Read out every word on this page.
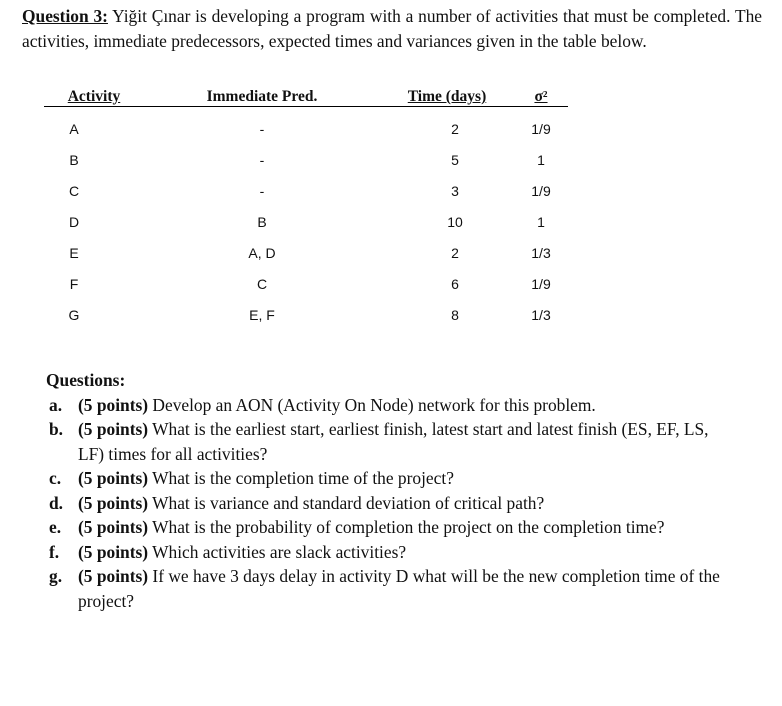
Question 3: Yiğit Çınar is developing a program with a number of activities that must be completed. The activities, immediate predecessors, expected times and variances given in the table below.
Activity	Immediate Pred.	Time (days)	σ²
A	-	2	1/9
B	-	5	1
C	-	3	1/9
D	B	10	1
E	A, D	2	1/3
F	C	6	1/9
G	E, F	8	1/3
Questions:
a. (5 points) Develop an AON (Activity On Node) network for this problem.
b. (5 points) What is the earliest start, earliest finish, latest start and latest finish (ES, EF, LS, LF) times for all activities?
c. (5 points) What is the completion time of the project?
d. (5 points) What is variance and standard deviation of critical path?
e. (5 points) What is the probability of completion the project on the completion time?
f. (5 points) Which activities are slack activities?
g. (5 points) If we have 3 days delay in activity D what will be the new completion time of the project?
